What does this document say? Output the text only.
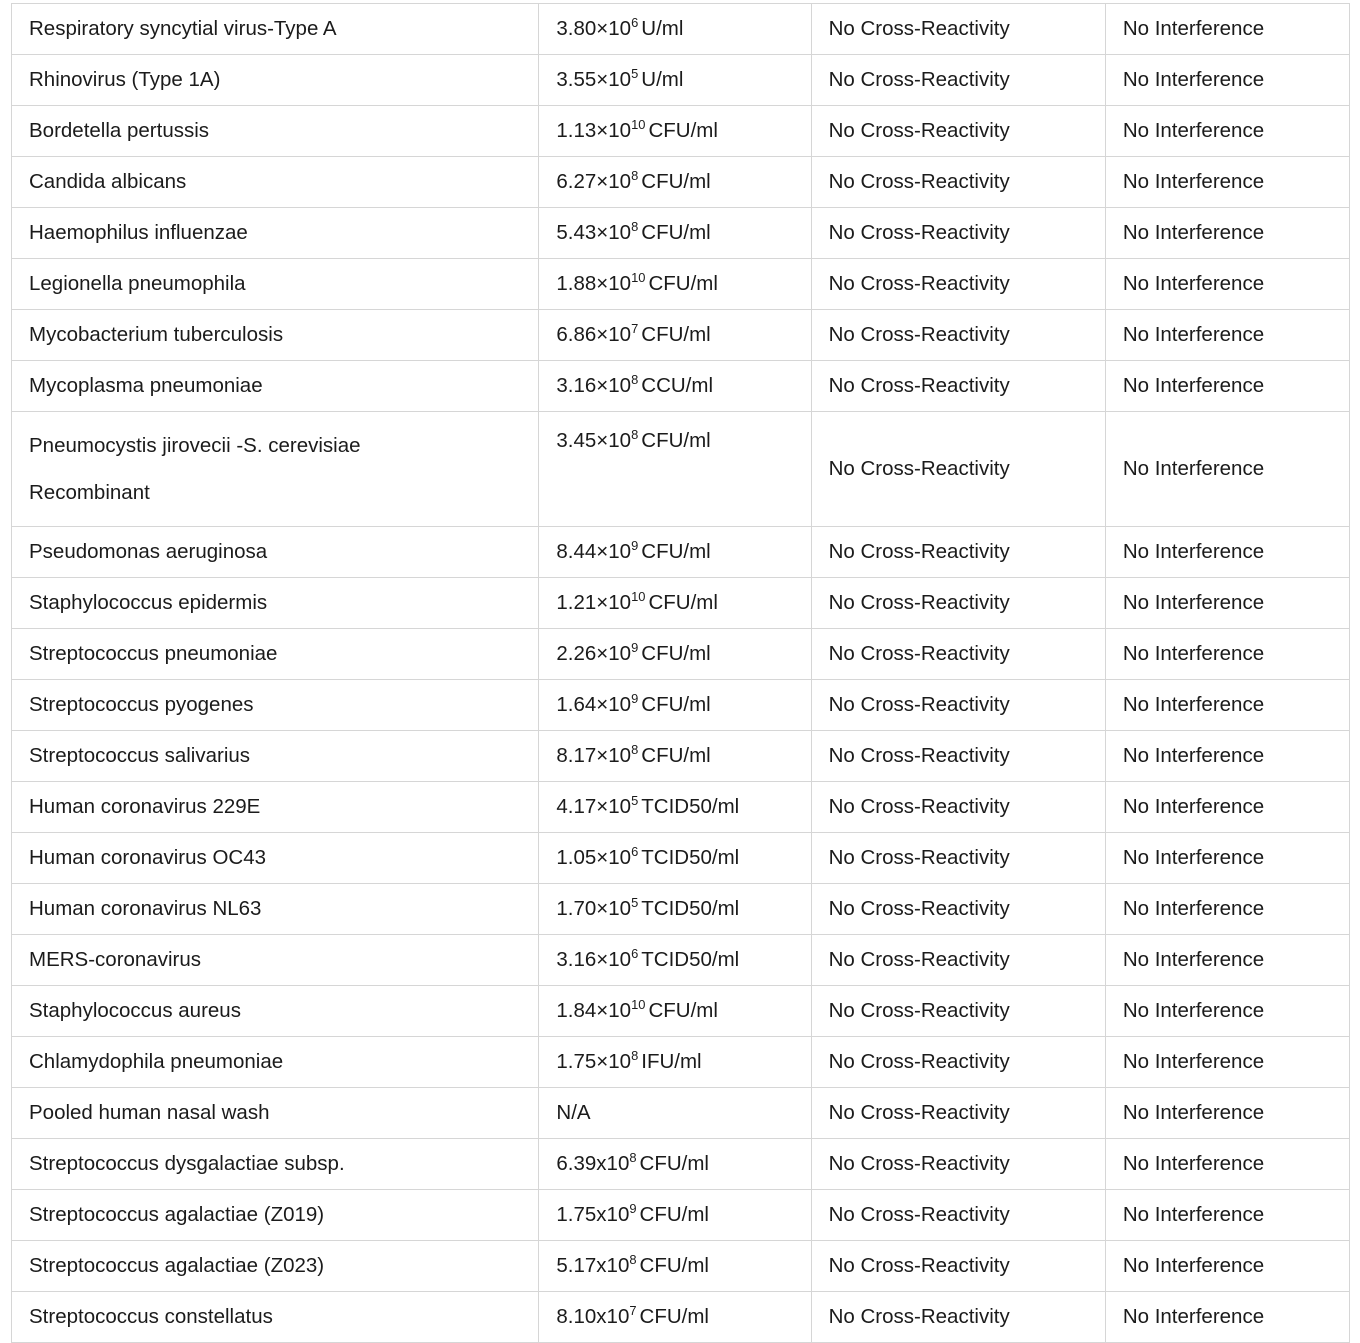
Respiratory syncytial virus-Type A	$3.80\times 10^6$ U/ml	No Cross-Reactivity	No Interference
Rhinovirus (Type 1A)	$3.55\times 10^5$ U/ml	No Cross-Reactivity	No Interference
Bordetella pertussis	$1.13\times 10^{10}$ CFU/ml	No Cross-Reactivity	No Interference
Candida albicans	$6.27\times 10^8$ CFU/ml	No Cross-Reactivity	No Interference
Haemophilus influenzae	$5.43\times 10^8$ CFU/ml	No Cross-Reactivity	No Interference
Legionella pneumophila	$1.88\times 10^{10}$ CFU/ml	No Cross-Reactivity	No Interference
Mycobacterium tuberculosis	$6.86\times 10^7$ CFU/ml	No Cross-Reactivity	No Interference
Mycoplasma pneumoniae	$3.16\times 10^8$ CCU/ml	No Cross-Reactivity	No Interference
Pneumocystis jirovecii -S. cerevisiae
Recombinant	$3.45\times 10^8$ CFU/ml	No Cross-Reactivity	No Interference
Pseudomonas aeruginosa	$8.44\times 10^9$ CFU/ml	No Cross-Reactivity	No Interference
Staphylococcus epidermis	$1.21\times 10^{10}$ CFU/ml	No Cross-Reactivity	No Interference
Streptococcus pneumoniae	$2.26\times 10^9$ CFU/ml	No Cross-Reactivity	No Interference
Streptococcus pyogenes	$1.64\times 10^9$ CFU/ml	No Cross-Reactivity	No Interference
Streptococcus salivarius	$8.17\times 10^8$ CFU/ml	No Cross-Reactivity	No Interference
Human coronavirus 229E	$4.17\times 10^5$ TCID50/ml	No Cross-Reactivity	No Interference
Human coronavirus OC43	$1.05\times 10^6$ TCID50/ml	No Cross-Reactivity	No Interference
Human coronavirus NL63	$1.70\times 10^5$ TCID50/ml	No Cross-Reactivity	No Interference
MERS-coronavirus	$3.16\times 10^6$ TCID50/ml	No Cross-Reactivity	No Interference
Staphylococcus aureus	$1.84\times 10^{10}$ CFU/ml	No Cross-Reactivity	No Interference
Chlamydophila pneumoniae	$1.75\times 10^8$ IFU/ml	No Cross-Reactivity	No Interference
Pooled human nasal wash	N/A	No Cross-Reactivity	No Interference
Streptococcus dysgalactiae subsp.	$6.39x10^8$ CFU/ml	No Cross-Reactivity	No Interference
Streptococcus agalactiae (Z019)	$1.75x10^9$ CFU/ml	No Cross-Reactivity	No Interference
Streptococcus agalactiae (Z023)	$5.17x10^8$ CFU/ml	No Cross-Reactivity	No Interference
Streptococcus constellatus	$8.10x10^7$ CFU/ml	No Cross-Reactivity	No Interference
